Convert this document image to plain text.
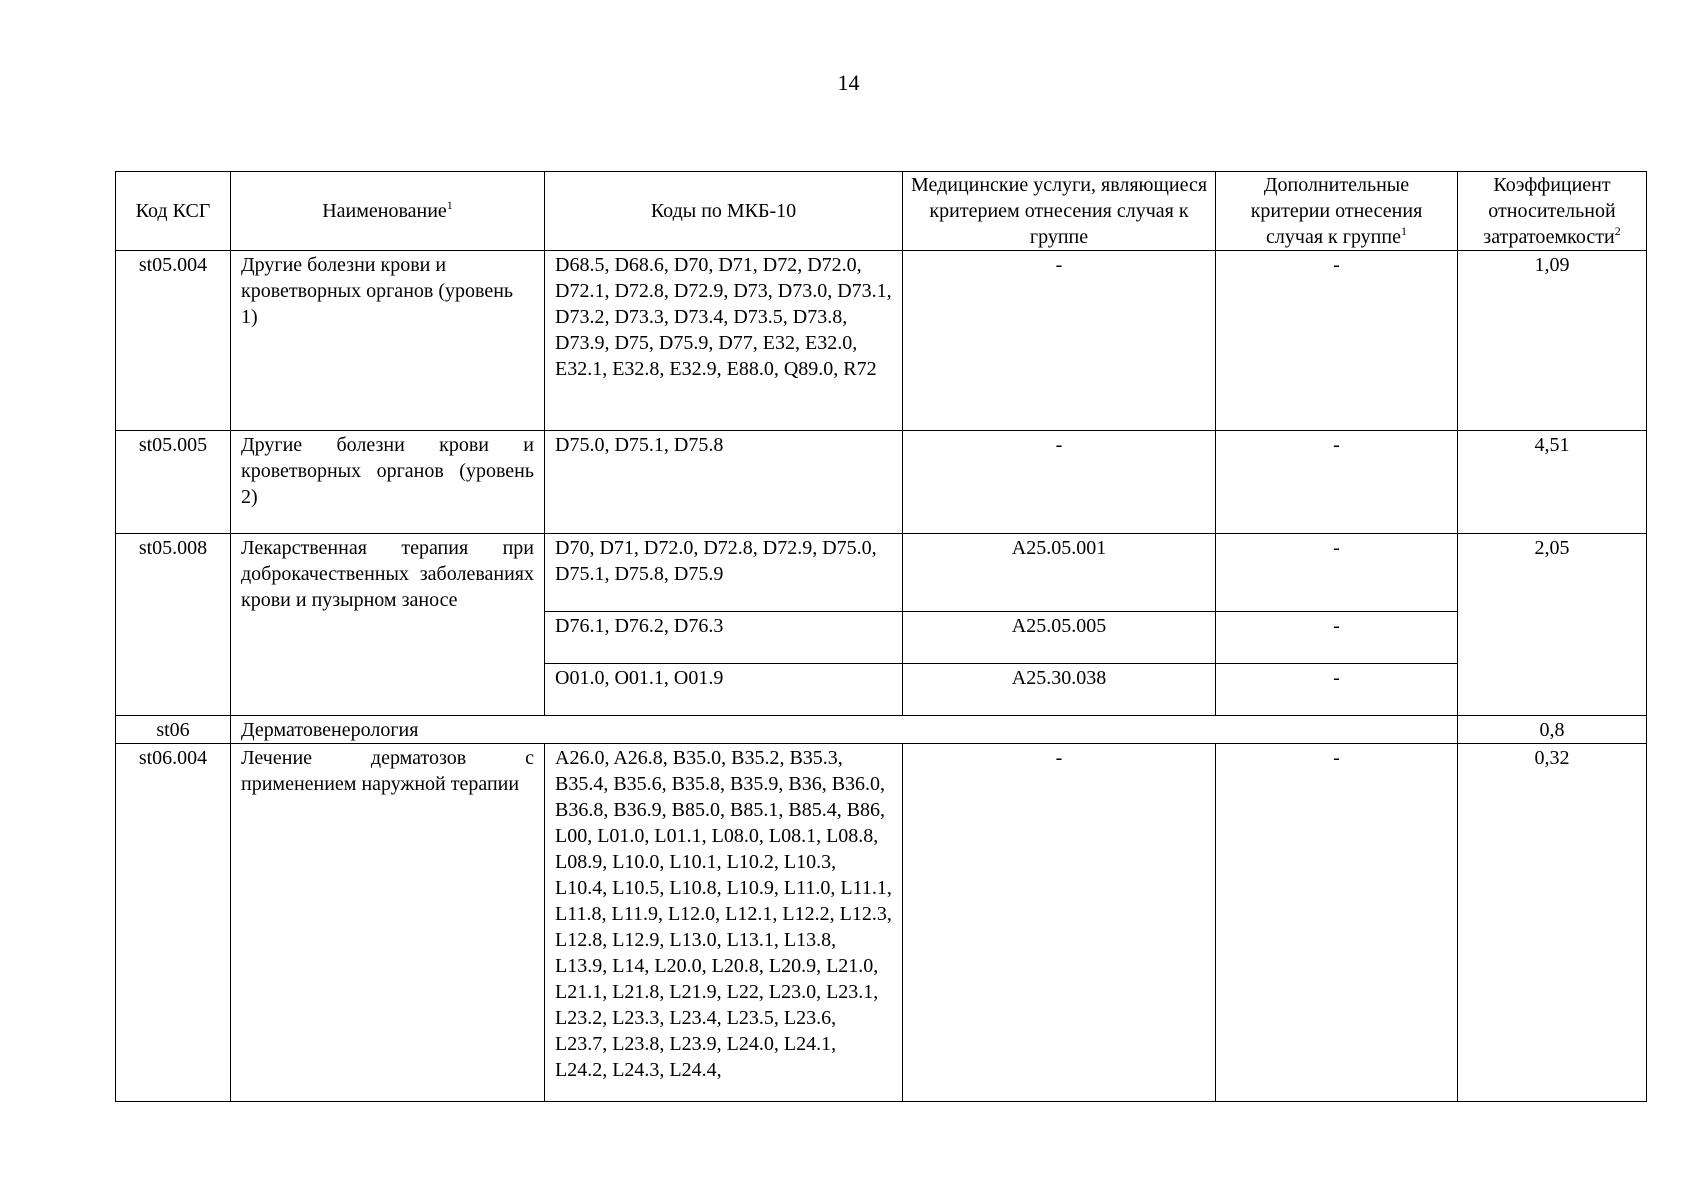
14
Код КСГ	Наименование$^1$	Коды по МКБ-10	Медицинские услуги, являющиеся критерием отнесения случая к группе	Дополнительные критерии отнесения случая к группе$^1$	Коэффициент относительной затратоемкости$^2$
st05.004	Другие болезни крови и кроветворных органов (уровень 1)	D68.5, D68.6, D70, D71, D72, D72.0, D72.1, D72.8, D72.9, D73, D73.0, D73.1, D73.2, D73.3, D73.4, D73.5, D73.8, D73.9, D75, D75.9, D77, E32, E32.0, E32.1, E32.8, E32.9, E88.0, Q89.0, R72	-	-	1,09
st05.005	Другие болезни крови и кроветворных органов (уровень 2)	D75.0, D75.1, D75.8	-	-	4,51
st05.008	Лекарственная терапия при доброкачественных заболеваниях крови и пузырном заносе	D70, D71, D72.0, D72.8, D72.9, D75.0, D75.1, D75.8, D75.9	A25.05.001	-	2,05
		D76.1, D76.2, D76.3	A25.05.005	-	
		O01.0, O01.1, O01.9	A25.30.038	-	
st06	Дерматовенерология				0,8
st06.004	Лечение дерматозов с применением наружной терапии	A26.0, A26.8, B35.0, B35.2, B35.3, B35.4, B35.6, B35.8, B35.9, B36, B36.0, B36.8, B36.9, B85.0, B85.1, B85.4, B86, L00, L01.0, L01.1, L08.0, L08.1, L08.8, L08.9, L10.0, L10.1, L10.2, L10.3, L10.4, L10.5, L10.8, L10.9, L11.0, L11.1, L11.8, L11.9, L12.0, L12.1, L12.2, L12.3, L12.8, L12.9, L13.0, L13.1, L13.8, L13.9, L14, L20.0, L20.8, L20.9, L21.0, L21.1, L21.8, L21.9, L22, L23.0, L23.1, L23.2, L23.3, L23.4, L23.5, L23.6, L23.7, L23.8, L23.9, L24.0, L24.1, L24.2, L24.3, L24.4,	-	-	0,32
